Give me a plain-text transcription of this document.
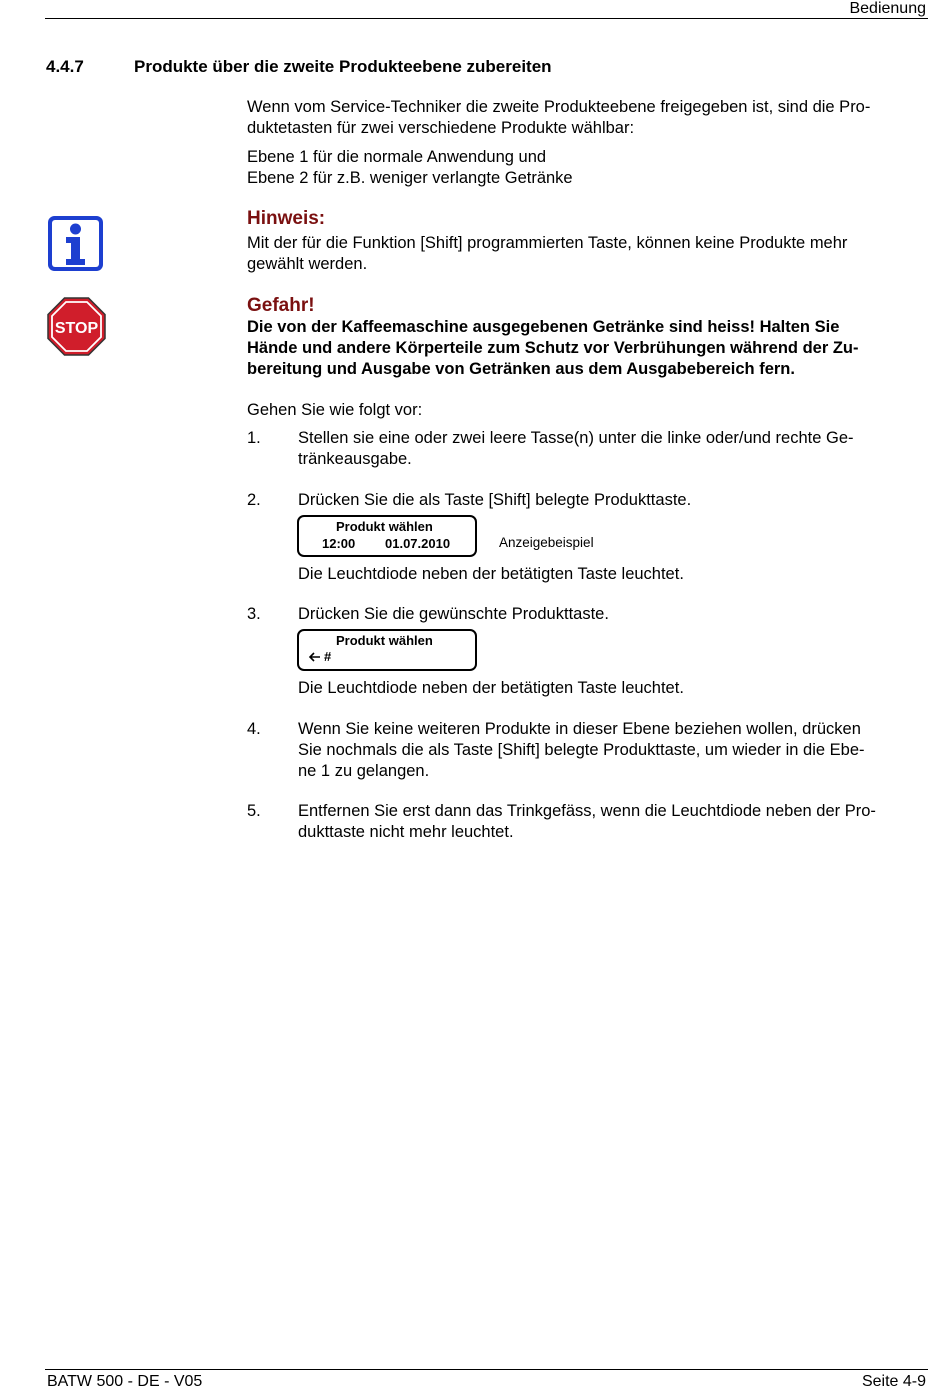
Bedienung
4.4.7	Produkte über die zweite Produkteebene zubereiten
Wenn vom Service-Techniker die zweite Produkteebene freigegeben ist, sind die Pro-
duktetasten für zwei verschiedene Produkte wählbar:
Ebene 1 für die normale Anwendung und
Ebene 2 für z.B. weniger verlangte Getränke
Hinweis:
Mit der für die Funktion [Shift] programmierten Taste, können keine Produkte mehr
gewählt werden.
STOP
Gefahr!
Die von der Kaffeemaschine ausgegebenen Getränke sind heiss! Halten Sie
Hände und andere Körperteile zum Schutz vor Verbrühungen während der Zu-
bereitung und Ausgabe von Getränken aus dem Ausgabebereich fern.
Gehen Sie wie folgt vor:
1. Stellen sie eine oder zwei leere Tasse(n) unter die linke oder/und rechte Ge-
tränkeausgabe.
2. Drücken Sie die als Taste [Shift] belegte Produkttaste.
Produkt wählen
12:00 01.07.2010	Anzeigebeispiel
Die Leuchtdiode neben der betätigten Taste leuchtet.
3. Drücken Sie die gewünschte Produkttaste.
Produkt wählen
#
Die Leuchtdiode neben der betätigten Taste leuchtet.
4. Wenn Sie keine weiteren Produkte in dieser Ebene beziehen wollen, drücken
Sie nochmals die als Taste [Shift] belegte Produkttaste, um wieder in die Ebe-
ne 1 zu gelangen.
5. Entfernen Sie erst dann das Trinkgefäss, wenn die Leuchtdiode neben der Pro-
dukttaste nicht mehr leuchtet.
BATW 500 - DE - V05	Seite 4-9
